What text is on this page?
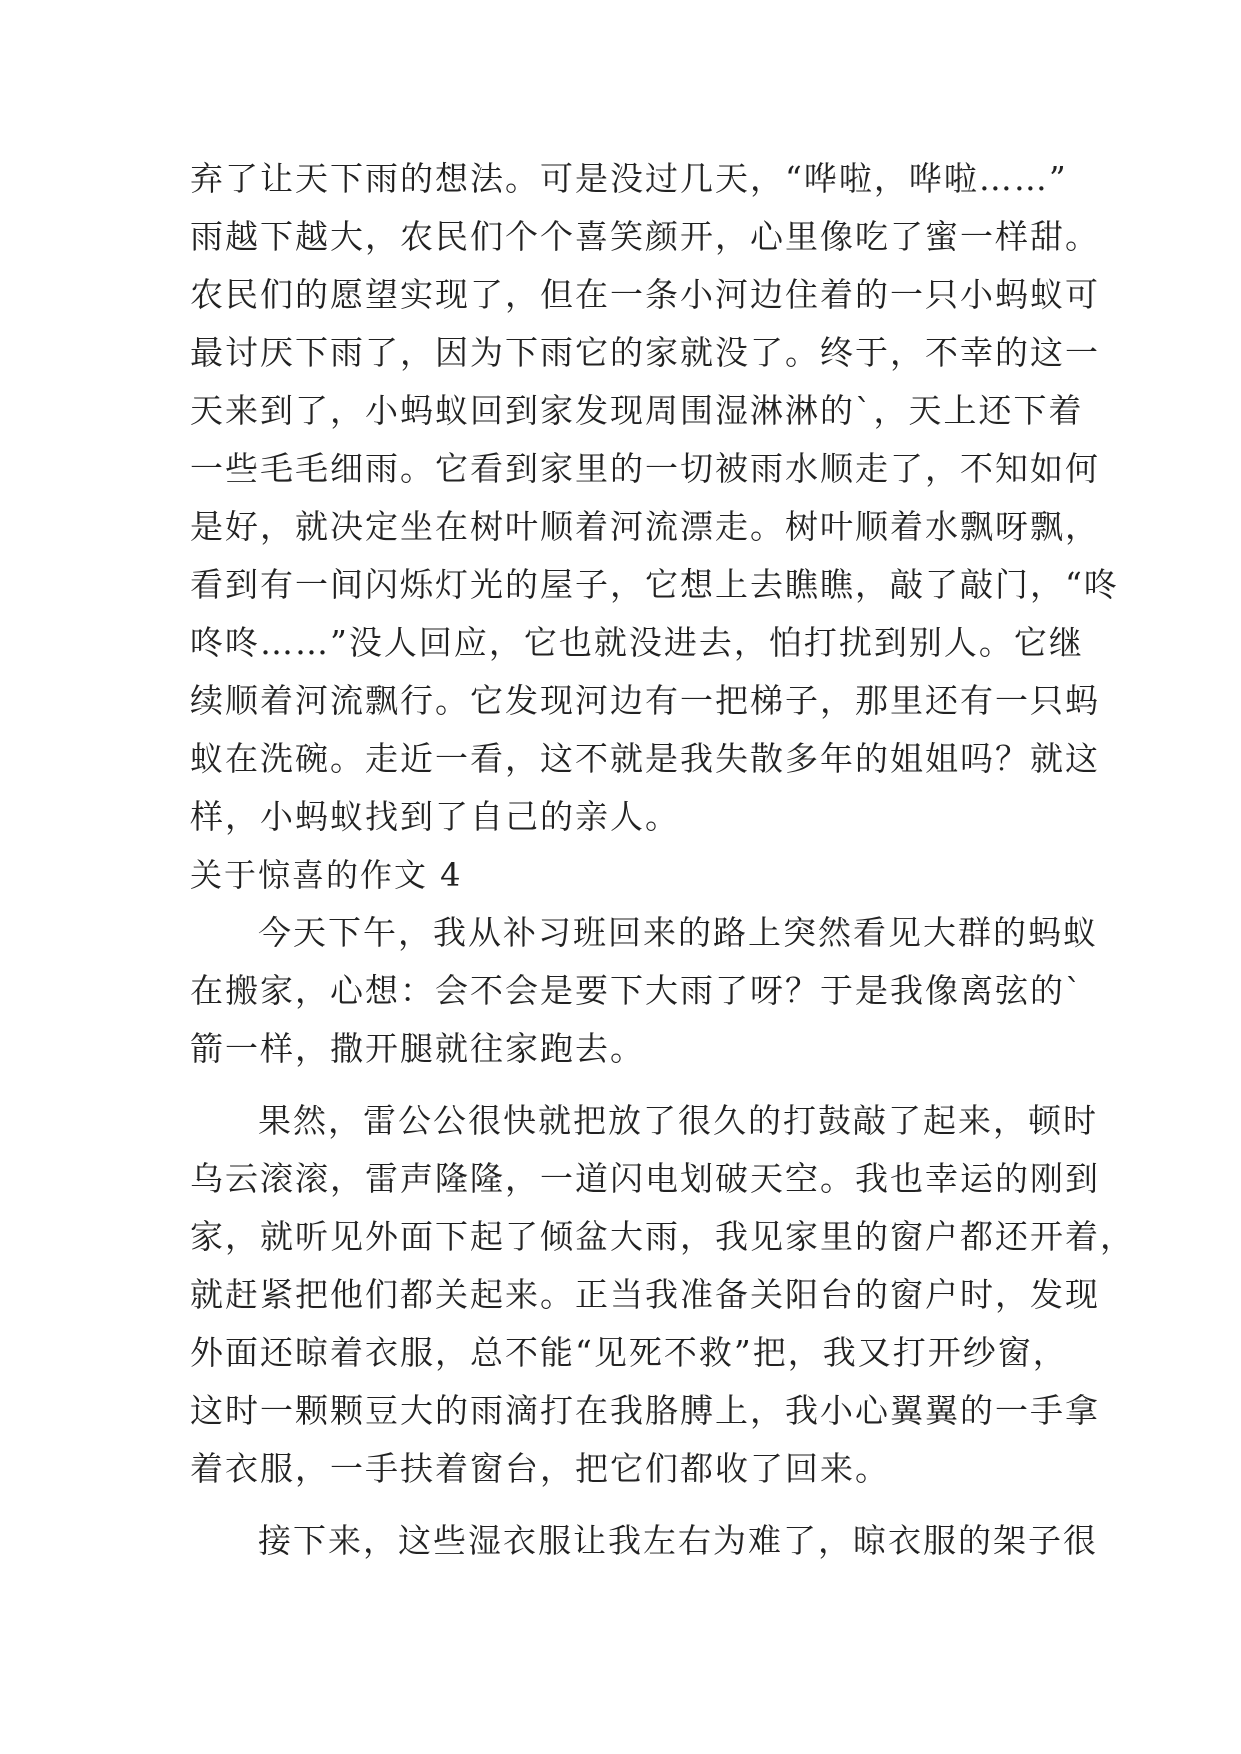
弃了让天下雨的想法。可是没过几天，“哗啦，哗啦……”
雨越下越大，农民们个个喜笑颜开，心里像吃了蜜一样甜。
农民们的愿望实现了，但在一条小河边住着的一只小蚂蚁可
最讨厌下雨了，因为下雨它的家就没了。终于，不幸的这一
天来到了，小蚂蚁回到家发现周围湿淋淋的`，天上还下着
一些毛毛细雨。它看到家里的一切被雨水顺走了，不知如何
是好，就决定坐在树叶顺着河流漂走。树叶顺着水飘呀飘，
看到有一间闪烁灯光的屋子，它想上去瞧瞧，敲了敲门，“咚
咚咚……”没人回应，它也就没进去，怕打扰到别人。它继
续顺着河流飘行。它发现河边有一把梯子，那里还有一只蚂
蚁在洗碗。走近一看，这不就是我失散多年的姐姐吗？就这
样，小蚂蚁找到了自己的亲人。
关于惊喜的作文 4
今天下午，我从补习班回来的路上突然看见大群的蚂蚁
在搬家，心想：会不会是要下大雨了呀？于是我像离弦的`
箭一样，撒开腿就往家跑去。
果然，雷公公很快就把放了很久的打鼓敲了起来，顿时
乌云滚滚，雷声隆隆，一道闪电划破天空。我也幸运的刚到
家，就听见外面下起了倾盆大雨，我见家里的窗户都还开着，
就赶紧把他们都关起来。正当我准备关阳台的窗户时，发现
外面还晾着衣服，总不能“见死不救”把，我又打开纱窗，
这时一颗颗豆大的雨滴打在我胳膊上，我小心翼翼的一手拿
着衣服，一手扶着窗台，把它们都收了回来。
接下来，这些湿衣服让我左右为难了，晾衣服的架子很
